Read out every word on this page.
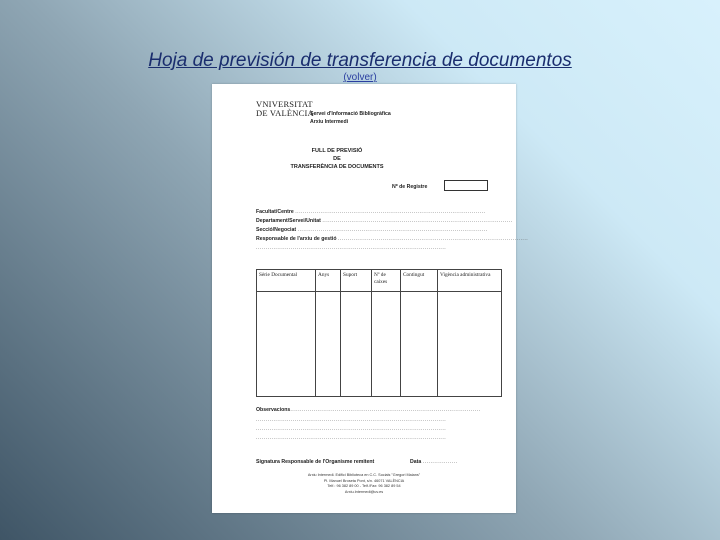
Hoja de previsión de transferencia de documentos
(volver)
VNIVERSITAT
DE VALÈNCIA
Servei d'Informació Bibliogràfica
Arxiu Intermedi
FULL DE PREVISIÓ
DE
TRANSFERÈNCIA DE DOCUMENTS
Nº de Registre
Facultat/Centre ..................................................................................................
Departament/Servei/Unitat ..................................................................................................
Secció/Negociat ..................................................................................................
Responsable de l'arxiu de gestió ..................................................................................................
..................................................................................................
Sèrie Documental	Anys	Suport	Nº de caixes	Contingut	Vigència administrativa

Observacions..................................................................................................
..................................................................................................
..................................................................................................
..................................................................................................
Signatura Responsable de l'Organisme remitent	Data ..................
Arxiu Intermedi. Edifici Biblioteca en C.C. Socials "Gregori Maians"
Pl. Manuel Broseta Pont, s/n. 46071 VALÈNCIA
Telf.: 96 382 89 00 - Telf./Fax: 96 382 89 54
Arxiu.Intermedi@uv.es
